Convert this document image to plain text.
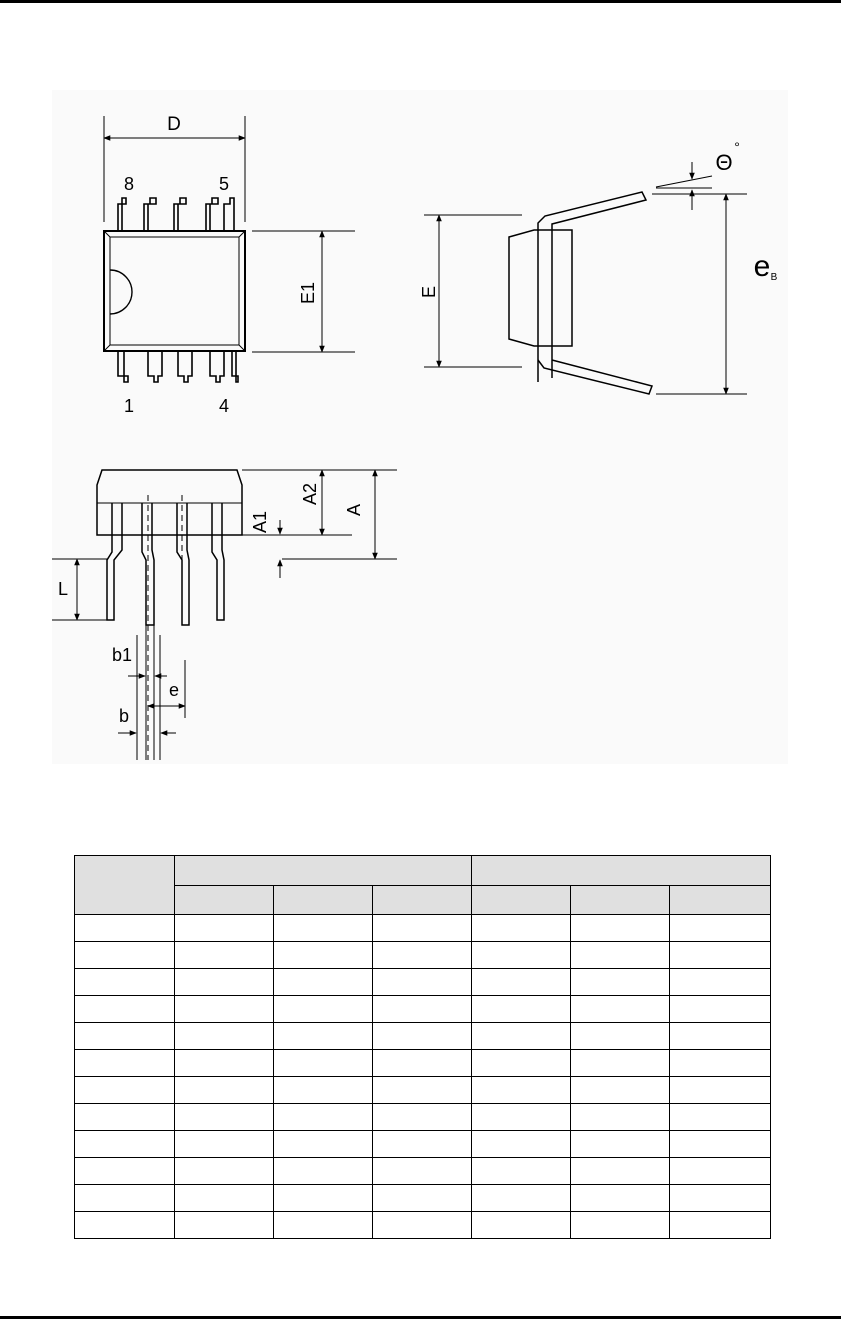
D
8	5
1	4
E1	E
Θ
°
e B
A
A2
A1
L
b1
e
b
